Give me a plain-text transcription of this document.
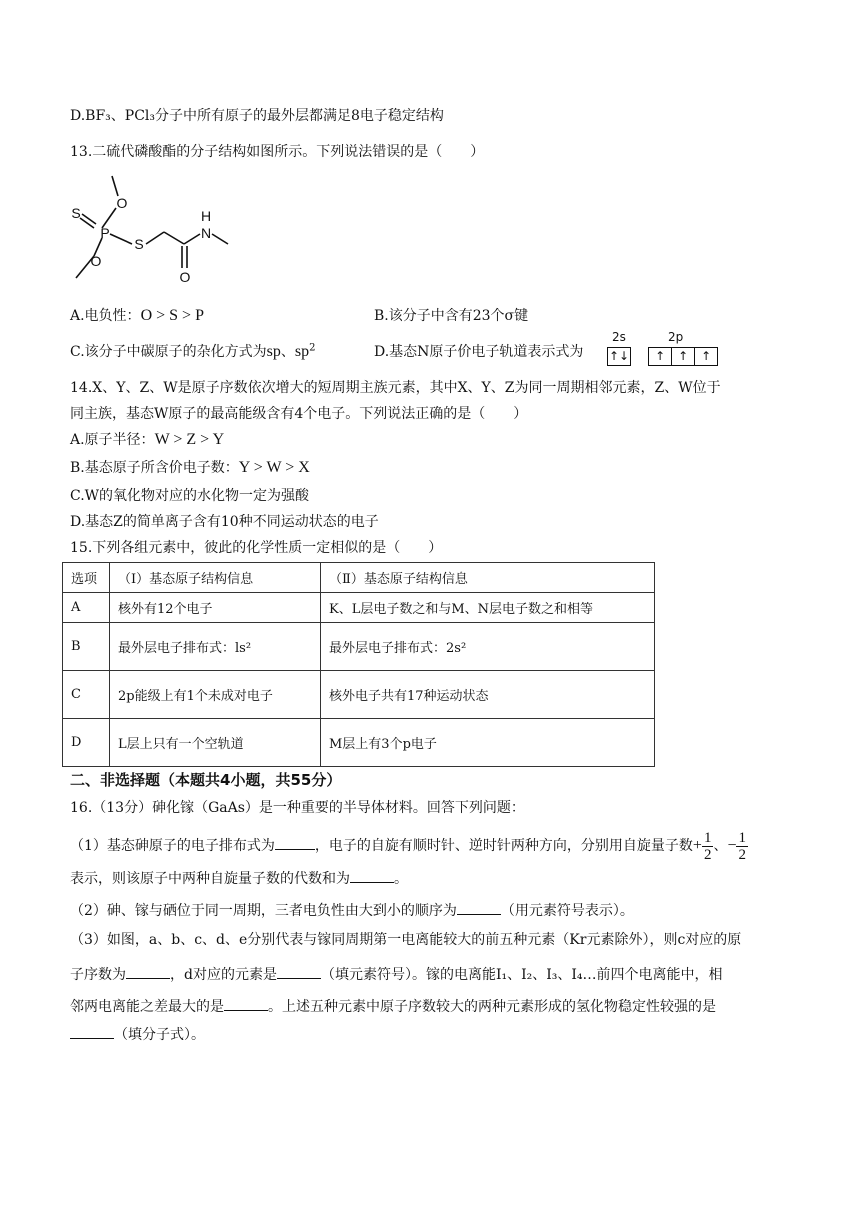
D.BF₃、PCl₃分子中所有原子的最外层都满足8电子稳定结构
13.二硫代磷酸酯的分子结构如图所示。下列说法错误的是（　　）
S
O
P
O
S
O
N
H
A.电负性：O > S > P	B.该分子中含有23个σ键
C.该分子中碳原子的杂化方式为sp、$sp^2$	D.基态N原子价电子轨道表示式为
2s	2p
↑↓ ↑ ↑ ↑
14.X、Y、Z、W是原子序数依次增大的短周期主族元素，其中X、Y、Z为同一周期相邻元素，Z、W位于
同主族，基态W原子的最高能级含有4个电子。下列说法正确的是（　　）
A.原子半径：W > Z > Y
B.基态原子所含价电子数：Y > W > X
C.W的氧化物对应的水化物一定为强酸
D.基态Z的简单离子含有10种不同运动状态的电子
15.下列各组元素中，彼此的化学性质一定相似的是（　　）
选项	（Ⅰ）基态原子结构信息	（Ⅱ）基态原子结构信息
A	核外有12个电子	K、L层电子数之和与M、N层电子数之和相等
B	最外层电子排布式：ls²	最外层电子排布式：2s²
C	2p能级上有1个未成对电子	核外电子共有17种运动状态
D	L层上只有一个空轨道	M层上有3个p电子
二、非选择题（本题共4小题，共55分）
16.（13分）砷化镓（GaAs）是一种重要的半导体材料。回答下列问题：
（1）基态砷原子的电子排布式为	，电子的自旋有顺时针、逆时针两种方向，分别用自旋量子数+ $\frac{1}{2}$ 、− $\frac{1}{2}$
表示，则该原子中两种自旋量子数的代数和为	。
（2）砷、镓与硒位于同一周期，三者电负性由大到小的顺序为	（用元素符号表示）。
（3）如图，a、b、c、d、e分别代表与镓同周期第一电离能较大的前五种元素（Kr元素除外），则c对应的原
子序数为	，d对应的元素是	（填元素符号）。镓的电离能I₁、I₂、I₃、I₄…前四个电离能中，相
邻两电离能之差最大的是	。上述五种元素中原子序数较大的两种元素形成的氢化物稳定性较强的是
（填分子式）。
